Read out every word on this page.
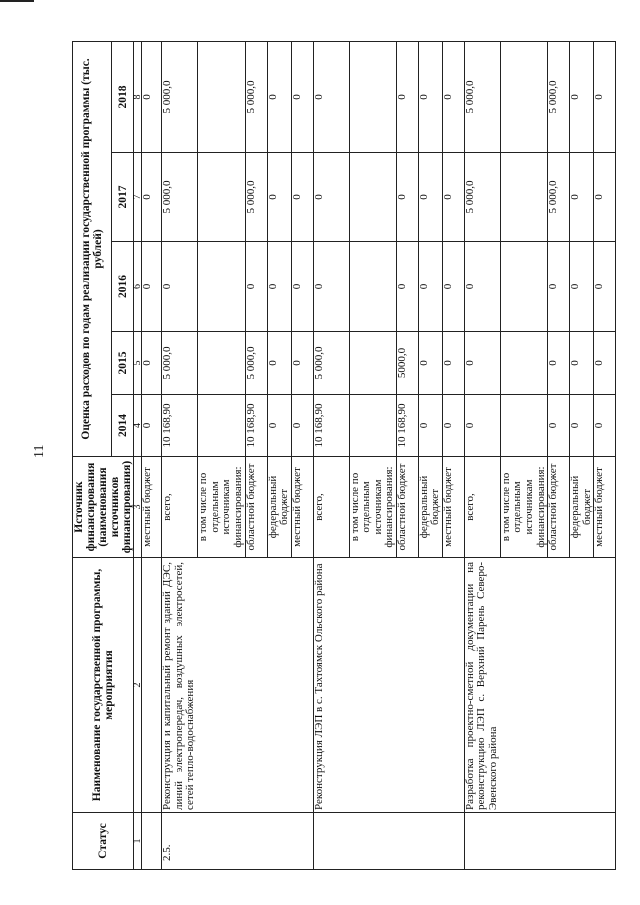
11
Статус	Наименование государственной программы, мероприятия	Источник финансирования (наименования источников финансирования)	Оценка расходов по годам реализации государственной программы (тыс. рублей)				
			2014	2015	2016	2017	2018
1	2	3	4	5	6	7	8
		местный бюджет	0	0	0	0	0
2.5.	Реконструкция и капитальный ремонт зданий ДЭС, линий электропередач, воздушных электросетей, сетей тепло-водоснабжения	всего,	10 168,90	5 000,0	0	5 000,0	5 000,0
		в том числе по отдельным источникам финансирования:					
		областной бюджет	10 168,90	5 000,0	0	5 000,0	5 000,0
		федеральный бюджет	0	0	0	0	0
		местный бюджет	0	0	0	0	0
	Реконструкция ЛЭП в с. Тахтоямск Ольского района	всего,	10 168,90	5 000,0	0	0	0
		в том числе по отдельным источникам финансирования:					
		областной бюджет	10 168,90	5000,0	0	0	0
		федеральный бюджет	0	0	0	0	0
		местный бюджет	0	0	0	0	0
	Разработка проектно-сметной документации на реконструкцию ЛЭП с. Верхний Парень Северо-Эвенского района	всего,	0	0	0	5 000,0	5 000,0
		в том числе по отдельным источникам финансирования:					
		областной бюджет	0	0	0	5 000,0	5 000,0
		федеральный бюджет	0	0	0	0	0
		местный бюджет	0	0	0	0	0
